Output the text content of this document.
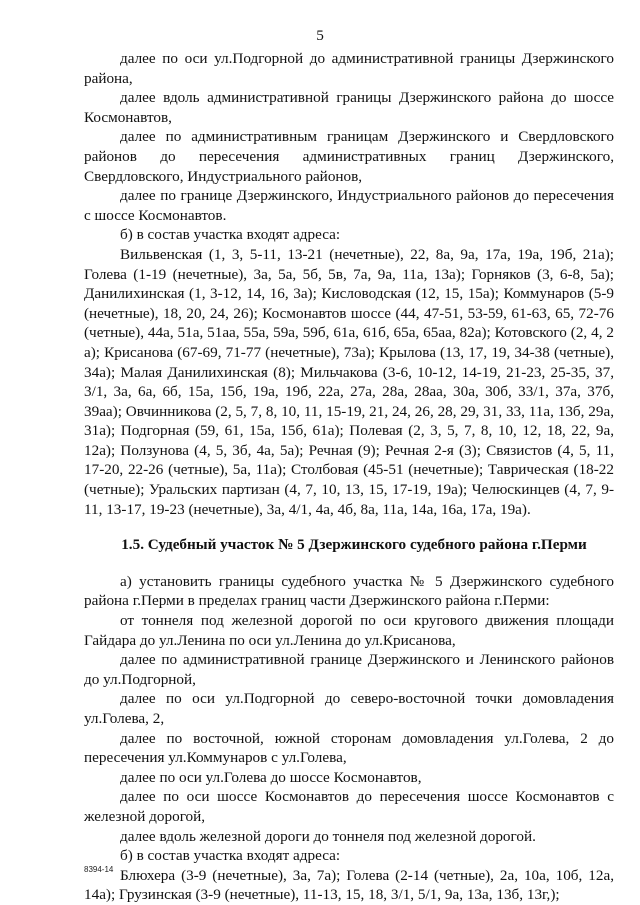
5

далее по оси ул.Подгорной до административной границы Дзержинского района,

далее вдоль административной границы Дзержинского района до шоссе Космонавтов,

далее по административным границам Дзержинского и Свердловского районов до пересечения административных границ Дзержинского, Свердловского, Индустриального районов,

далее по границе Дзержинского, Индустриального районов до пересечения с шоссе Космонавтов.

б) в состав участка входят адреса:

Вильвенская (1, 3, 5-11, 13-21 (нечетные), 22, 8а, 9а, 17а, 19а, 19б, 21а); Голева (1-19 (нечетные), 3а, 5а, 5б, 5в, 7а, 9а, 11а, 13а); Горняков (3, 6-8, 5а); Данилихинская (1, 3-12, 14, 16, 3а); Кисловодская (12, 15, 15а); Коммунаров (5-9 (нечетные), 18, 20, 24, 26); Космонавтов шоссе (44, 47-51, 53-59, 61-63, 65, 72-76 (четные), 44а, 51а, 51аа, 55а, 59а, 59б, 61а, 61б, 65а, 65аа, 82а); Котовского (2, 4, 2 а); Крисанова (67-69, 71-77 (нечетные), 73а); Крылова (13, 17, 19, 34-38 (четные), 34а); Малая Данилихинская (8); Мильчакова (3-6, 10-12, 14-19, 21-23, 25-35, 37, 3/1, 3а, 6а, 6б, 15а, 15б, 19а, 19б, 22а, 27а, 28а, 28аа, 30а, 30б, 33/1, 37а, 37б, 39аа); Овчинникова (2, 5, 7, 8, 10, 11, 15-19, 21, 24, 26, 28, 29, 31, 33, 11а, 13б, 29а, 31а); Подгорная (59, 61, 15а, 15б, 61а); Полевая (2, 3, 5, 7, 8, 10, 12, 18, 22, 9а, 12а); Ползунова (4, 5, 3б, 4а, 5а); Речная (9); Речная 2-я (3); Связистов (4, 5, 11, 17-20, 22-26 (четные), 5а, 11а); Столбовая (45-51 (нечетные); Таврическая (18-22 (четные); Уральских партизан (4, 7, 10, 13, 15, 17-19, 19а); Челюскинцев (4, 7, 9-11, 13-17, 19-23 (нечетные), 3а, 4/1, 4а, 4б, 8а, 11а, 14а, 16а, 17а, 19а).

1.5. Судебный участок № 5 Дзержинского судебного района г.Перми

а) установить границы судебного участка № 5 Дзержинского судебного района г.Перми в пределах границ части Дзержинского района г.Перми:

от тоннеля под железной дорогой по оси кругового движения площади Гайдара до ул.Ленина по оси ул.Ленина до ул.Крисанова,

далее по административной границе Дзержинского и Ленинского районов до ул.Подгорной,

далее по оси ул.Подгорной до северо-восточной точки домовладения ул.Голева, 2,

далее по восточной, южной сторонам домовладения ул.Голева, 2 до пересечения ул.Коммунаров с ул.Голева,

далее по оси ул.Голева до шоссе Космонавтов,

далее по оси шоссе Космонавтов до пересечения шоссе Космонавтов с железной дорогой,

далее вдоль железной дороги до тоннеля под железной дорогой.

б) в состав участка входят адреса:

Блюхера (3-9 (нечетные), 3а, 7а); Голева (2-14 (четные), 2а, 10а, 10б, 12а, 14а); Грузинская (3-9 (нечетные), 11-13, 15, 18, 3/1, 5/1, 9а, 13а, 13б, 13г,);

8394-14
